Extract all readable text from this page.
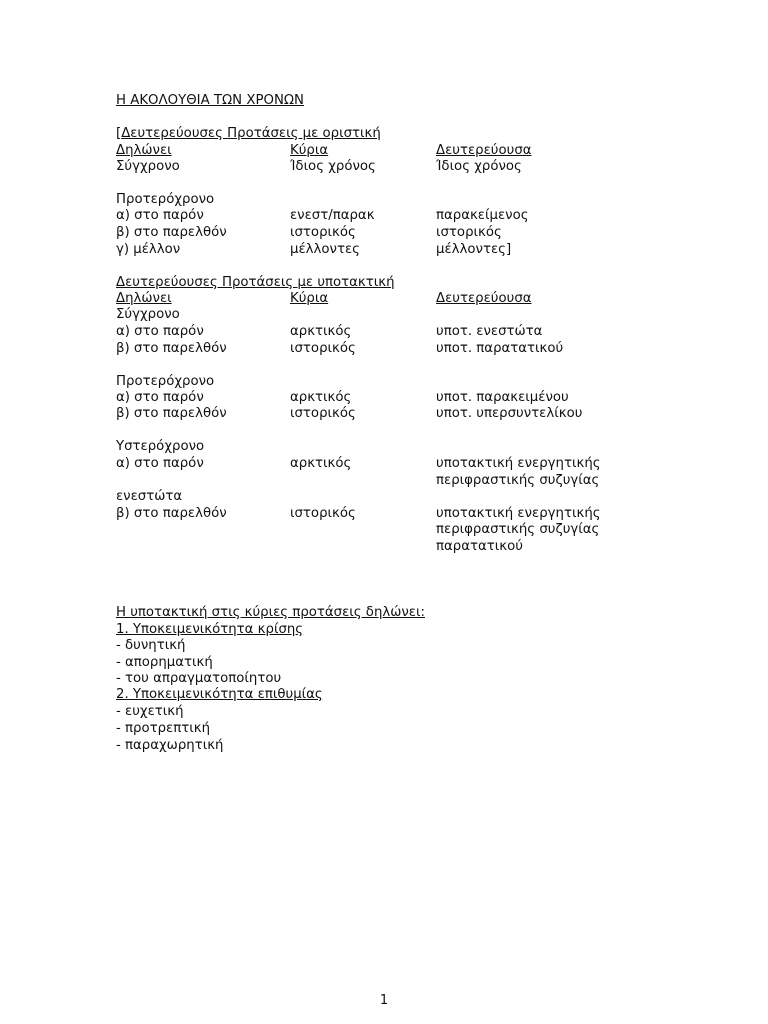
Η ΑΚΟΛΟΥΘΙΑ ΤΩΝ ΧΡΟΝΩΝ
[Δευτερεύουσες Προτάσεις με οριστική
Δηλώνει	Κύρια	Δευτερεύουσα
Σύγχρονο	Ίδιος χρόνος	Ίδιος χρόνος
Προτερόχρονο
α) στο παρόν	ενεστ/παρακ	παρακείμενος
β) στο παρελθόν	ιστορικός	ιστορικός
γ) μέλλον	μέλλοντες	μέλλοντες]
Δευτερεύουσες Προτάσεις με υποτακτική
Δηλώνει	Κύρια	Δευτερεύουσα
Σύγχρονο
α) στο παρόν	αρκτικός	υποτ. ενεστώτα
β) στο παρελθόν	ιστορικός	υποτ. παρατατικού
Προτερόχρονο
α) στο παρόν	αρκτικός	υποτ. παρακειμένου
β) στο παρελθόν	ιστορικός	υποτ. υπερσυντελίκου
Υστερόχρονο
α) στο παρόν	αρκτικός	υποτακτική ενεργητικής
περιφραστικής συζυγίας
ενεστώτα
β) στο παρελθόν	ιστορικός	υποτακτική ενεργητικής
περιφραστικής συζυγίας
παρατατικού
Η υποτακτική στις κύριες προτάσεις δηλώνει:
1. Υποκειμενικότητα κρίσης
- δυνητική
- απορηματική
- του απραγματοποίητου
2. Υποκειμενικότητα επιθυμίας
- ευχετική
- προτρεπτική
- παραχωρητική
1
